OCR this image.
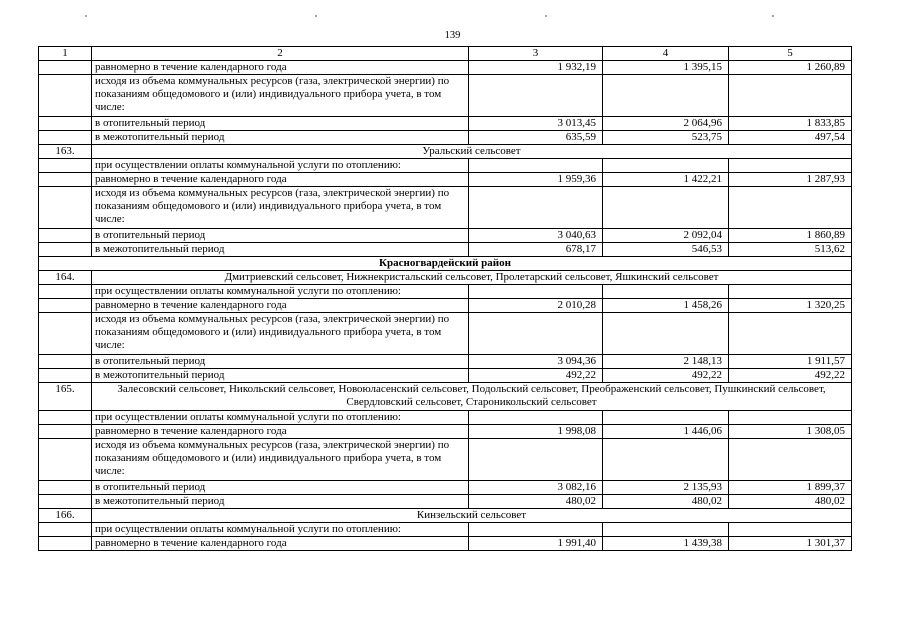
139
1	2	3	4	5
	равномерно в течение календарного года	1 932,19	1 395,15	1 260,89
	исходя из объема коммунальных ресурсов (газа, электрической энергии) по показаниям общедомового и (или) индивидуального прибора учета, в том числе:			
	в отопительный период	3 013,45	2 064,96	1 833,85
	в межотопительный период	635,59	523,75	497,54
163.	Уральский сельсовет			
	при осуществлении оплаты коммунальной услуги по отоплению:			
	равномерно в течение календарного года	1 959,36	1 422,21	1 287,93
	исходя из объема коммунальных ресурсов (газа, электрической энергии) по показаниям общедомового и (или) индивидуального прибора учета, в том числе:			
	в отопительный период	3 040,63	2 092,04	1 860,89
	в межотопительный период	678,17	546,53	513,62
Красногвардейский район				
164.	Дмитриевский сельсовет, Нижнекристальский сельсовет, Пролетарский сельсовет, Яшкинский сельсовет			
	при осуществлении оплаты коммунальной услуги по отоплению:			
	равномерно в течение календарного года	2 010,28	1 458,26	1 320,25
	исходя из объема коммунальных ресурсов (газа, электрической энергии) по показаниям общедомового и (или) индивидуального прибора учета, в том числе:			
	в отопительный период	3 094,36	2 148,13	1 911,57
	в межотопительный период	492,22	492,22	492,22
165.	Залесовский сельсовет, Никольский сельсовет, Новоюласенский сельсовет, Подольский сельсовет, Преображенский сельсовет, Пушкинский сельсовет, Свердловский сельсовет, Староникольский сельсовет			
	при осуществлении оплаты коммунальной услуги по отоплению:			
	равномерно в течение календарного года	1 998,08	1 446,06	1 308,05
	исходя из объема коммунальных ресурсов (газа, электрической энергии) по показаниям общедомового и (или) индивидуального прибора учета, в том числе:			
	в отопительный период	3 082,16	2 135,93	1 899,37
	в межотопительный период	480,02	480,02	480,02
166.	Кинзельский сельсовет			
	при осуществлении оплаты коммунальной услуги по отоплению:			
	равномерно в течение календарного года	1 991,40	1 439,38	1 301,37
